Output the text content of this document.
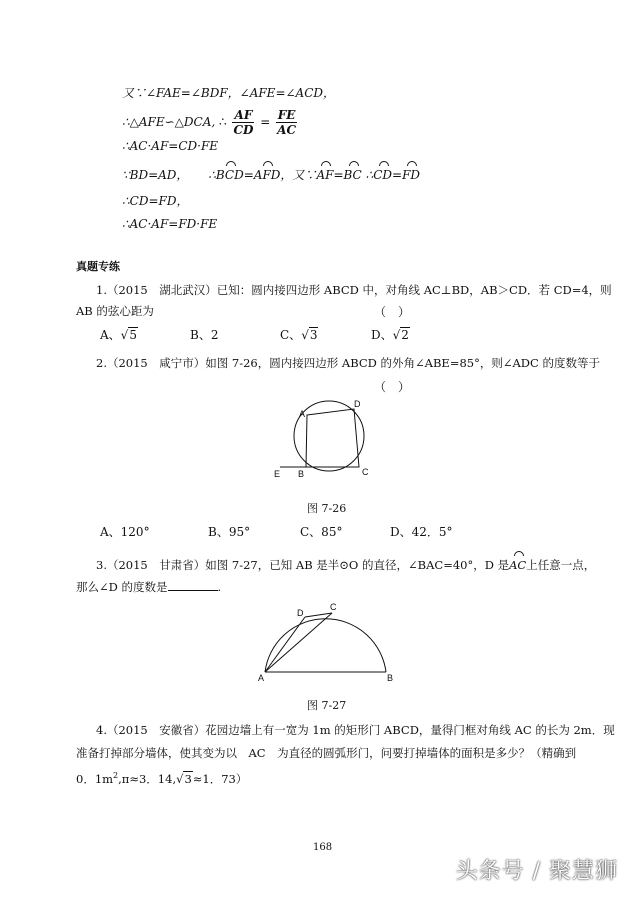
又∵∠FAE=∠BDF，∠AFE=∠ACD，
∴△AFE∽△DCA, ∴ $\frac{AF}{CD} = \frac{FE}{AC}$
∴AC·AF=CD·FE
∵BD=AD， ∴BCD=AFD，又∵AF=BC ∴CD=FD
∴CD=FD，
∴AC·AF=FD·FE
真题专练
1.（2015　湖北武汉）已知：圆内接四边形 ABCD 中，对角线 AC⊥BD，AB＞CD．若 CD=4，则
AB 的弦心距为	（　）
A、√5	B、2	C、√3	D、√2
2.（2015　咸宁市）如图 7-26，圆内接四边形 ABCD 的外角∠ABE=85°，则∠ADC 的度数等于
（　）
A
D
B	C
E
图 7-26
A、120°	B、95°	C、85°	D、42．5°
3.（2015　甘肃省）如图 7-27，已知 AB 是半⊙O 的直径，∠BAC=40°，D 是AC上任意一点，
那么∠D 的度数是	.
A	B
C
D
图 7-27
4.（2015　安徽省）花园边墙上有一宽为 1m 的矩形门 ABCD，量得门框对角线 AC 的长为 2m．现
准备打掉部分墙体，使其变为以　AC　为直径的圆弧形门，问要打掉墙体的面积是多少？（精确到
0．$1m^2,\pi\approx 3$．14,√3≈1．73）
168
头条号 / 聚慧狮
